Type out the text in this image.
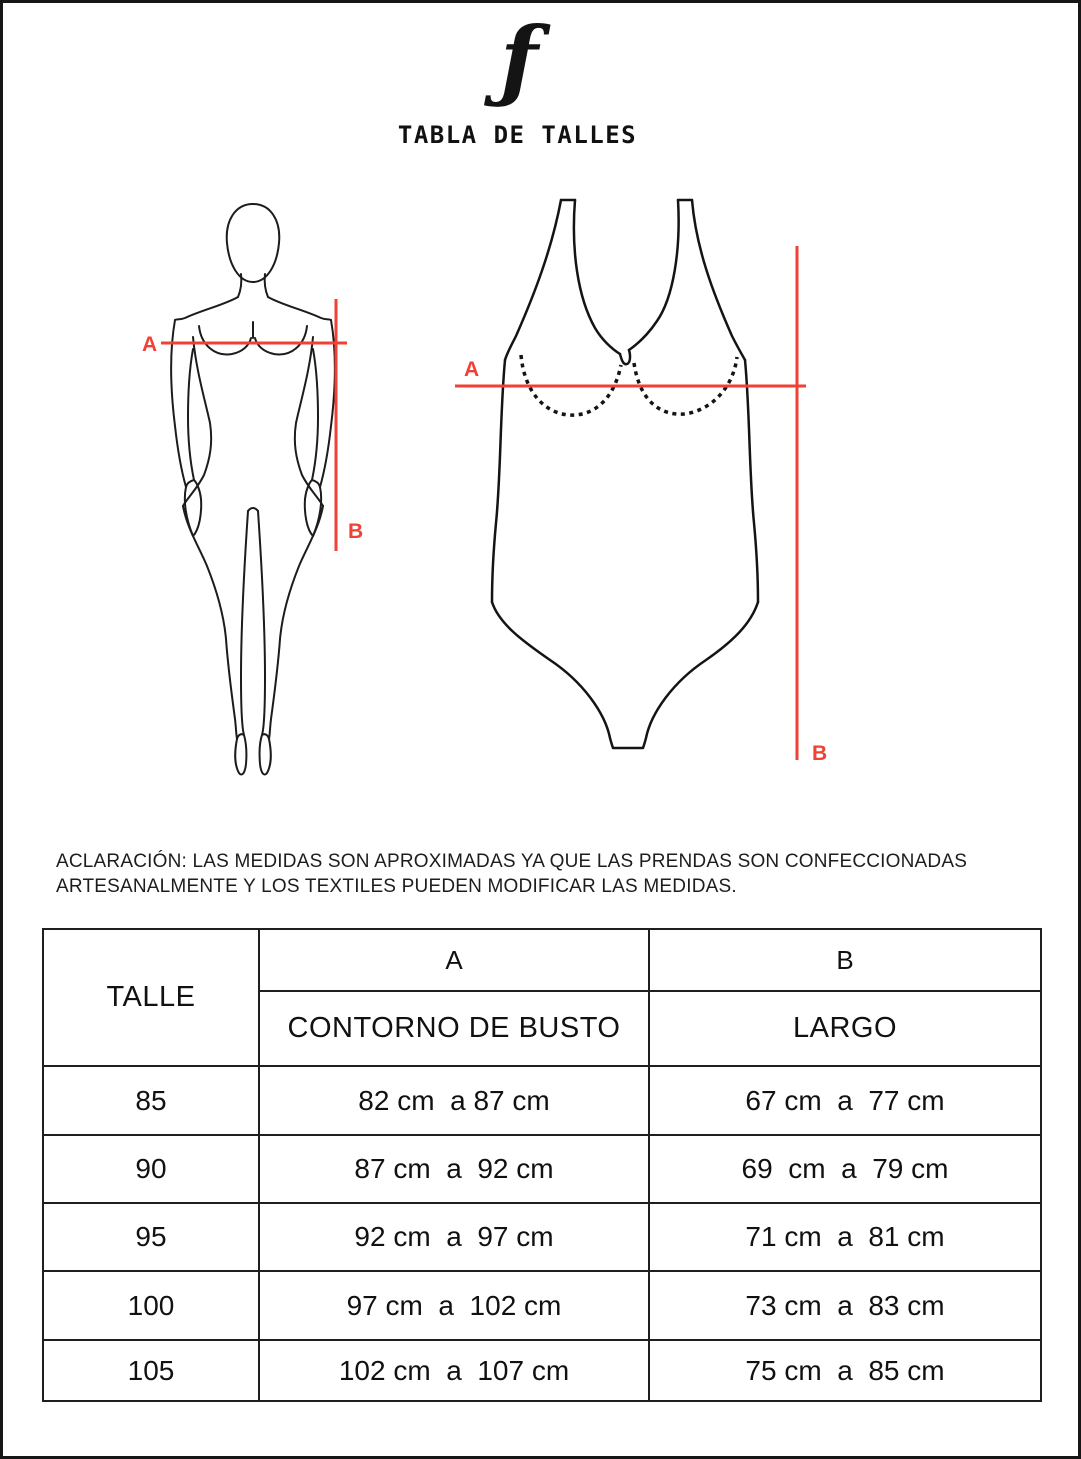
ƒ
TABLA DE TALLES
A
B
A
B
ACLARACIÓN: LAS MEDIDAS SON APROXIMADAS YA QUE LAS PRENDAS SON CONFECCIONADAS
ARTESANALMENTE Y LOS TEXTILES PUEDEN MODIFICAR LAS MEDIDAS.
TALLE	A	B
	CONTORNO DE BUSTO	LARGO
85	82 cm  a 87 cm	67 cm  a  77 cm
90	87 cm  a  92 cm	69  cm  a  79 cm
95	92 cm  a  97 cm	71 cm  a  81 cm
100	97 cm  a  102 cm	73 cm  a  83 cm
105	102 cm  a  107 cm	75 cm  a  85 cm
